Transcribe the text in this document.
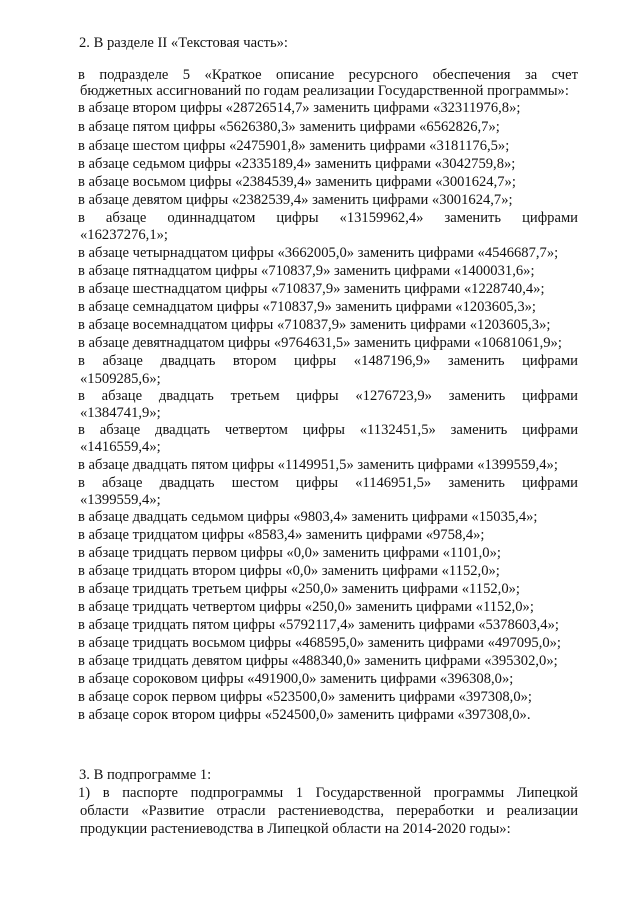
2. В разделе II «Текстовая часть»:
в подразделе 5 «Краткое описание ресурсного обеспечения за счет
бюджетных ассигнований по годам реализации Государственной программы»:
в абзаце втором цифры «28726514,7» заменить цифрами «32311976,8»;
в абзаце пятом цифры «5626380,3» заменить цифрами «6562826,7»;
в абзаце шестом цифры «2475901,8» заменить цифрами «3181176,5»;
в абзаце седьмом цифры «2335189,4» заменить цифрами «3042759,8»;
в абзаце восьмом цифры «2384539,4» заменить цифрами «3001624,7»;
в абзаце девятом цифры «2382539,4» заменить цифрами «3001624,7»;
в абзаце одиннадцатом цифры «13159962,4» заменить цифрами
«16237276,1»;
в абзаце четырнадцатом цифры «3662005,0» заменить цифрами «4546687,7»;
в абзаце пятнадцатом цифры «710837,9» заменить цифрами «1400031,6»;
в абзаце шестнадцатом цифры «710837,9» заменить цифрами «1228740,4»;
в абзаце семнадцатом цифры «710837,9» заменить цифрами «1203605,3»;
в абзаце восемнадцатом цифры «710837,9» заменить цифрами «1203605,3»;
в абзаце девятнадцатом цифры «9764631,5» заменить цифрами «10681061,9»;
в абзаце двадцать втором цифры «1487196,9» заменить цифрами
«1509285,6»;
в абзаце двадцать третьем цифры «1276723,9» заменить цифрами
«1384741,9»;
в абзаце двадцать четвертом цифры «1132451,5» заменить цифрами
«1416559,4»;
в абзаце двадцать пятом цифры «1149951,5» заменить цифрами «1399559,4»;
в абзаце двадцать шестом цифры «1146951,5» заменить цифрами
«1399559,4»;
в абзаце двадцать седьмом цифры «9803,4» заменить цифрами «15035,4»;
в абзаце тридцатом цифры «8583,4» заменить цифрами «9758,4»;
в абзаце тридцать первом цифры «0,0» заменить цифрами «1101,0»;
в абзаце тридцать втором цифры «0,0» заменить цифрами «1152,0»;
в абзаце тридцать третьем цифры «250,0» заменить цифрами «1152,0»;
в абзаце тридцать четвертом цифры «250,0» заменить цифрами «1152,0»;
в абзаце тридцать пятом цифры «5792117,4» заменить цифрами «5378603,4»;
в абзаце тридцать восьмом цифры «468595,0» заменить цифрами «497095,0»;
в абзаце тридцать девятом цифры «488340,0» заменить цифрами «395302,0»;
в абзаце сороковом цифры «491900,0» заменить цифрами «396308,0»;
в абзаце сорок первом цифры «523500,0» заменить цифрами «397308,0»;
в абзаце сорок втором цифры «524500,0» заменить цифрами «397308,0».
3. В подпрограмме 1:
1) в паспорте подпрограммы 1 Государственной программы Липецкой
области «Развитие отрасли растениеводства, переработки и реализации
продукции растениеводства в Липецкой области на 2014-2020 годы»:
